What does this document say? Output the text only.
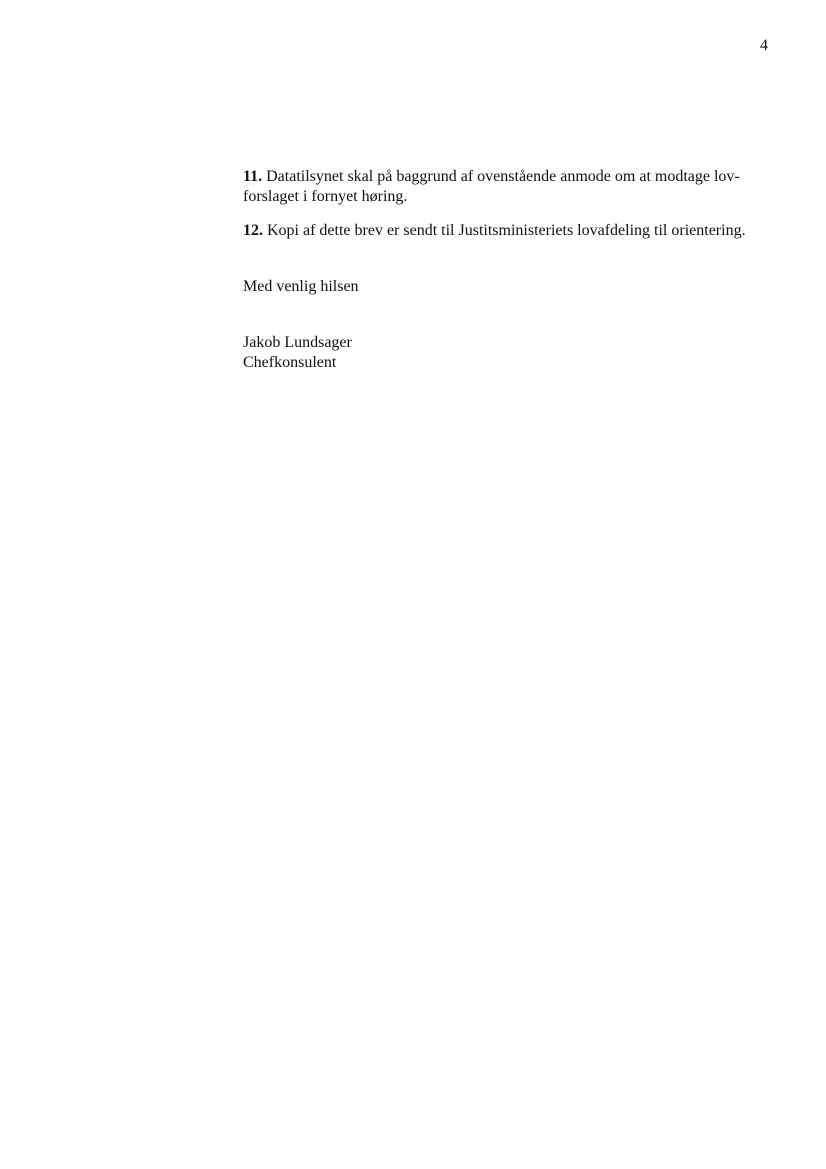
4

11. Datatilsynet skal på baggrund af ovenstående anmode om at modtage lov-
forslaget i fornyet høring.

12. Kopi af dette brev er sendt til Justitsministeriets lovafdeling til orientering.

Med venlig hilsen
Jakob Lundsager
Chefkonsulent
